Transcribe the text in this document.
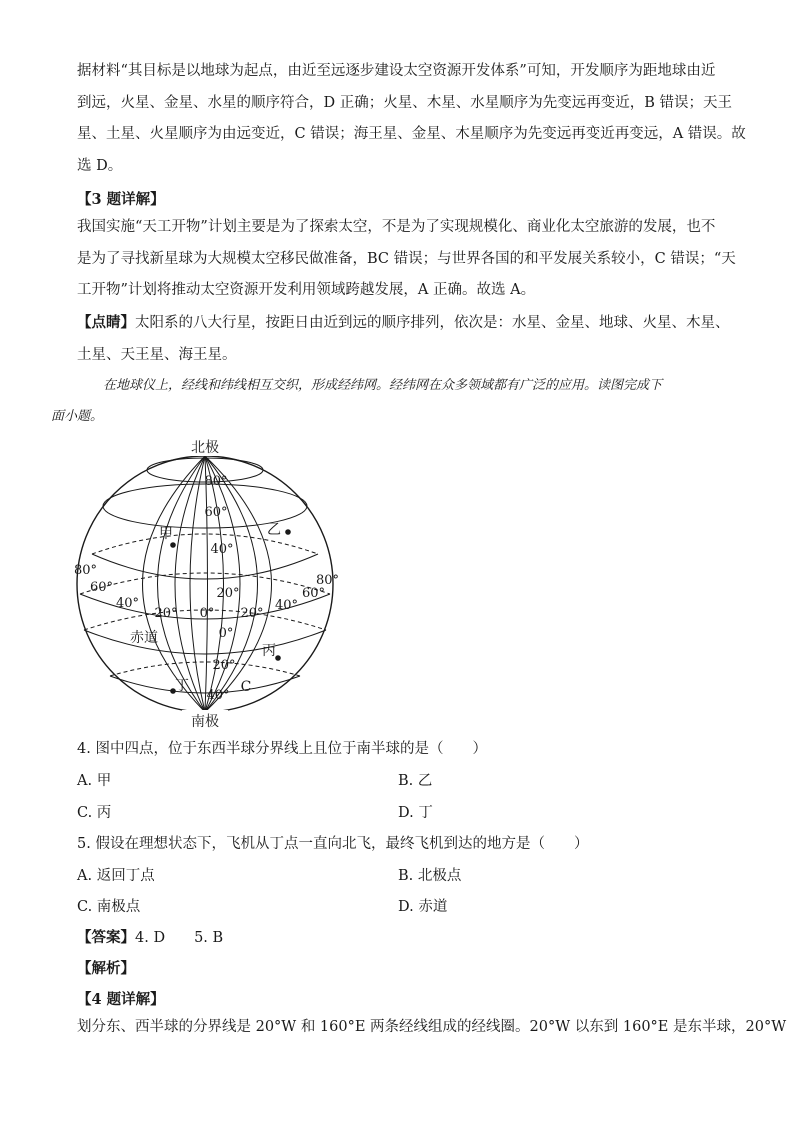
据材料“其目标是以地球为起点，由近至远逐步建设太空资源开发体系”可知，开发顺序为距地球由近
到远，火星、金星、水星的顺序符合，D 正确；火星、木星、水星顺序为先变远再变近，B 错误；天王
星、土星、火星顺序为由远变近，C 错误；海王星、金星、木星顺序为先变远再变近再变远，A 错误。故
选 D。
【3 题详解】
我国实施“天工开物”计划主要是为了探索太空，不是为了实现规模化、商业化太空旅游的发展，也不
是为了寻找新星球为大规模太空移民做准备，BC 错误；与世界各国的和平发展关系较小，C 错误；“天
工开物”计划将推动太空资源开发利用领域跨越发展，A 正确。故选 A。
【点睛】太阳系的八大行星，按距日由近到远的顺序排列，依次是：水星、金星、地球、火星、木星、
土星、天王星、海王星。
在地球仪上，经线和纬线相互交织，形成经纬网。经纬网在众多领域都有广泛的应用。读图完成下
面小题。
北极
南极
80°
60°
40°
20°
0°
20°
40°
80°
60°
40°
80°
60°
40°
20° 0° 20°
赤道
甲	乙
丙
丁	C
4. 图中四点，位于东西半球分界线上且位于南半球的是（　　）
A. 甲	B. 乙
C. 丙	D. 丁
5. 假设在理想状态下，飞机从丁点一直向北飞，最终飞机到达的地方是（　　）
A. 返回丁点	B. 北极点
C. 南极点	D. 赤道
【答案】4. D　　5. B
【解析】
【4 题详解】
划分东、西半球的分界线是 20°W 和 160°E 两条经线组成的经线圈。20°W 以东到 160°E 是东半球，20°W
